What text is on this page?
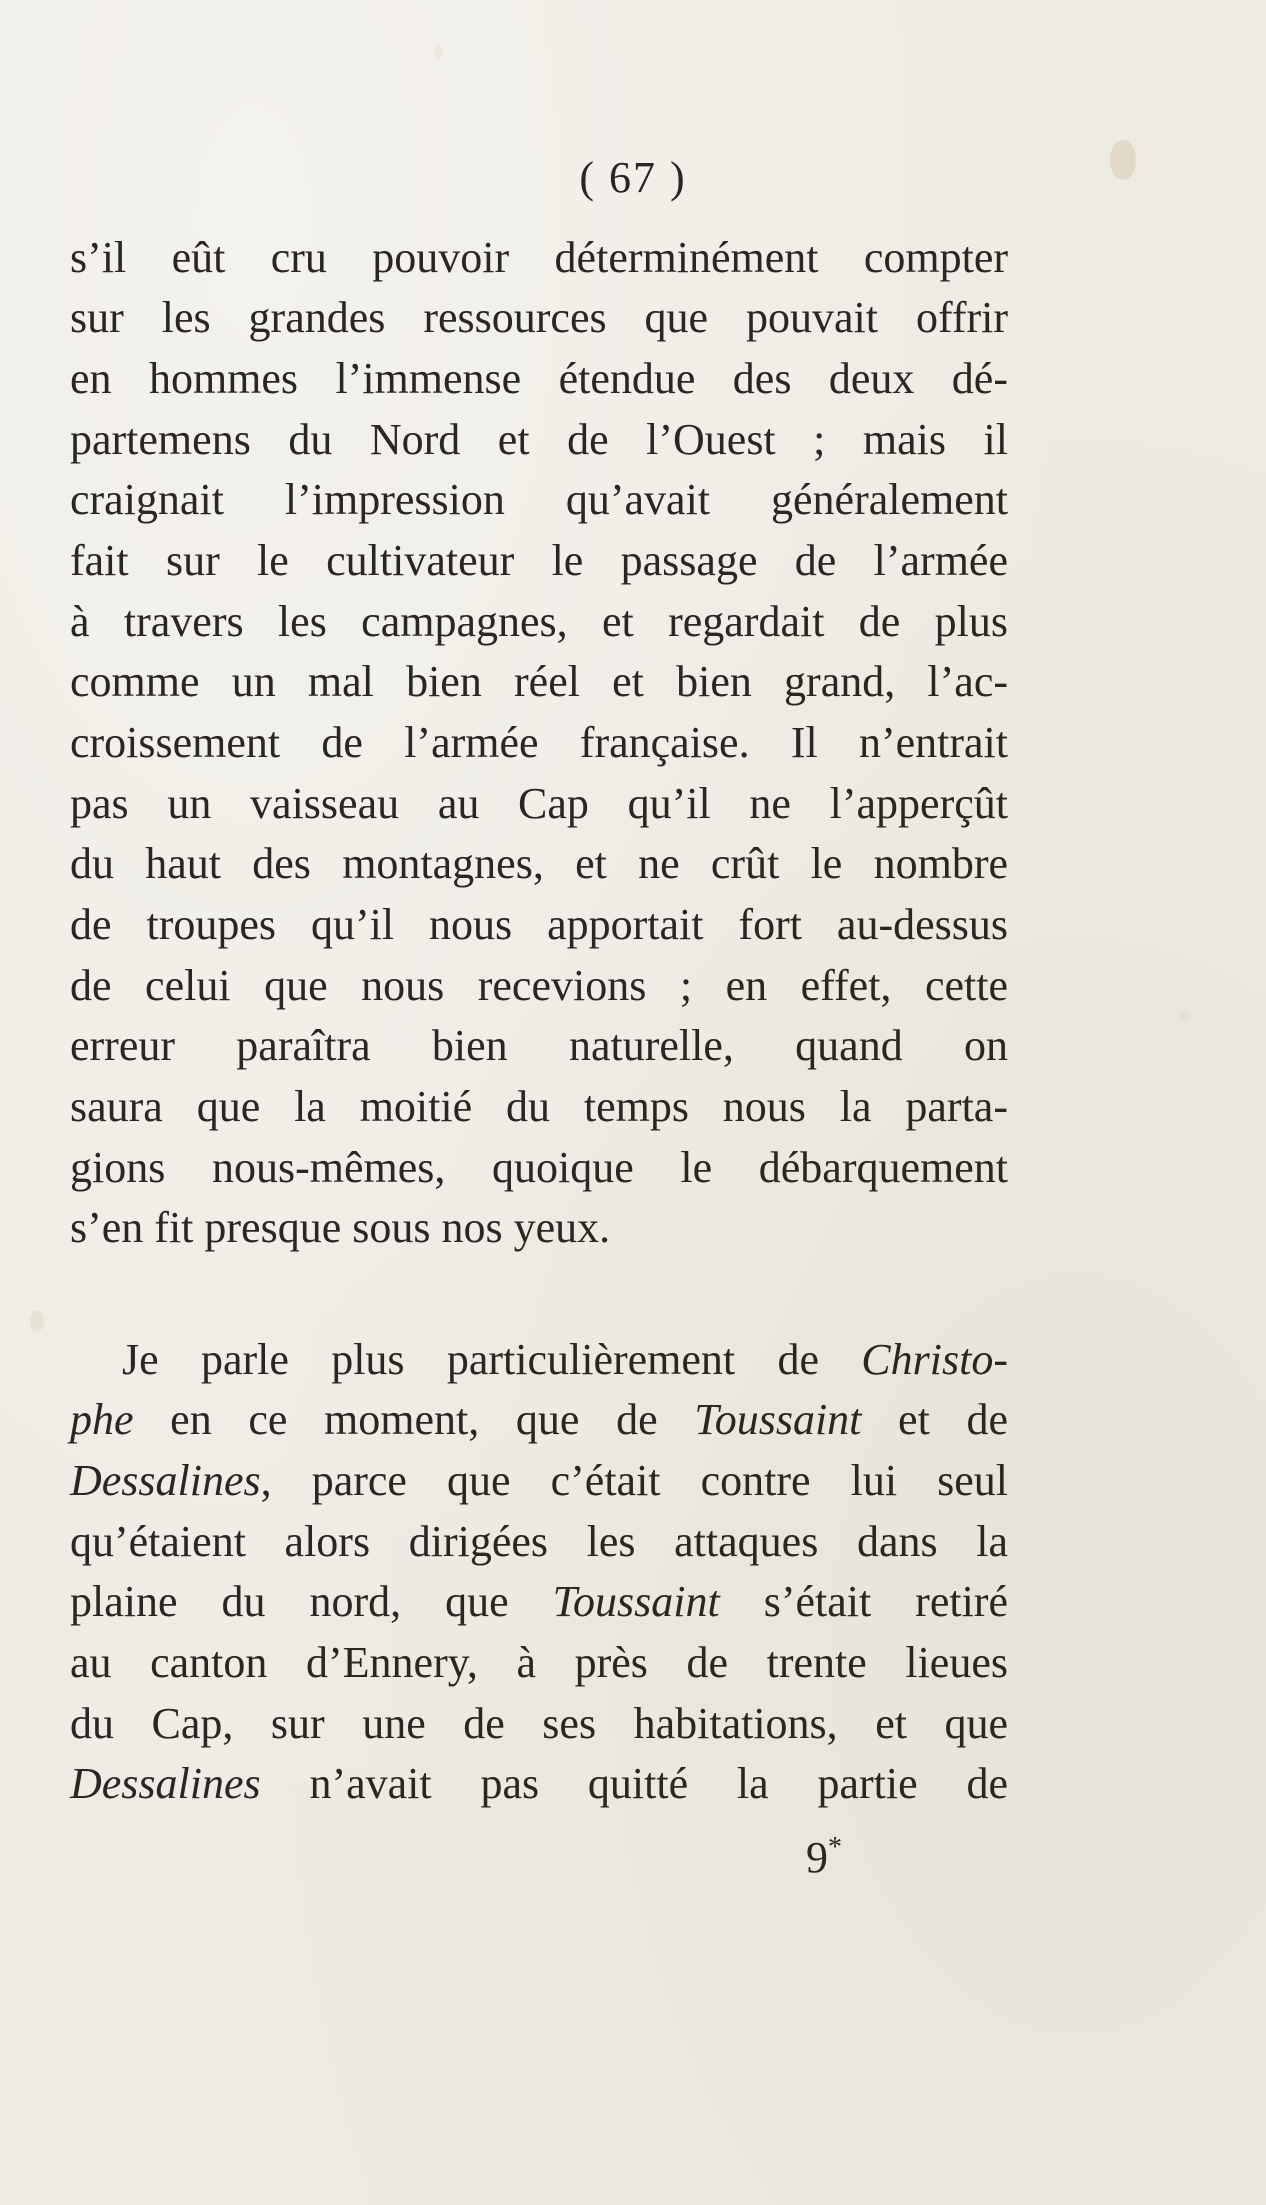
( 67 )
s’il eût cru pouvoir déterminément compter
sur les grandes ressources que pouvait offrir
en hommes l’immense étendue des deux dé-
partemens du Nord et de l’Ouest ; mais il
craignait l’impression qu’avait généralement
fait sur le cultivateur le passage de l’armée
à travers les campagnes, et regardait de plus
comme un mal bien réel et bien grand, l’ac-
croissement de l’armée française. Il n’entrait
pas un vaisseau au Cap qu’il ne l’apperçût
du haut des montagnes, et ne crût le nombre
de troupes qu’il nous apportait fort au-dessus
de celui que nous recevions ; en effet, cette
erreur paraîtra bien naturelle, quand on
saura que la moitié du temps nous la parta-
gions nous-mêmes, quoique le débarquement
s’en fit presque sous nos yeux.
Je parle plus particulièrement de Christo-
phe en ce moment, que de Toussaint et de
Dessalines, parce que c’était contre lui seul
qu’étaient alors dirigées les attaques dans la
plaine du nord, que Toussaint s’était retiré
au canton d’Ennery, à près de trente lieues
du Cap, sur une de ses habitations, et que
Dessalines n’avait pas quitté la partie de
9*
